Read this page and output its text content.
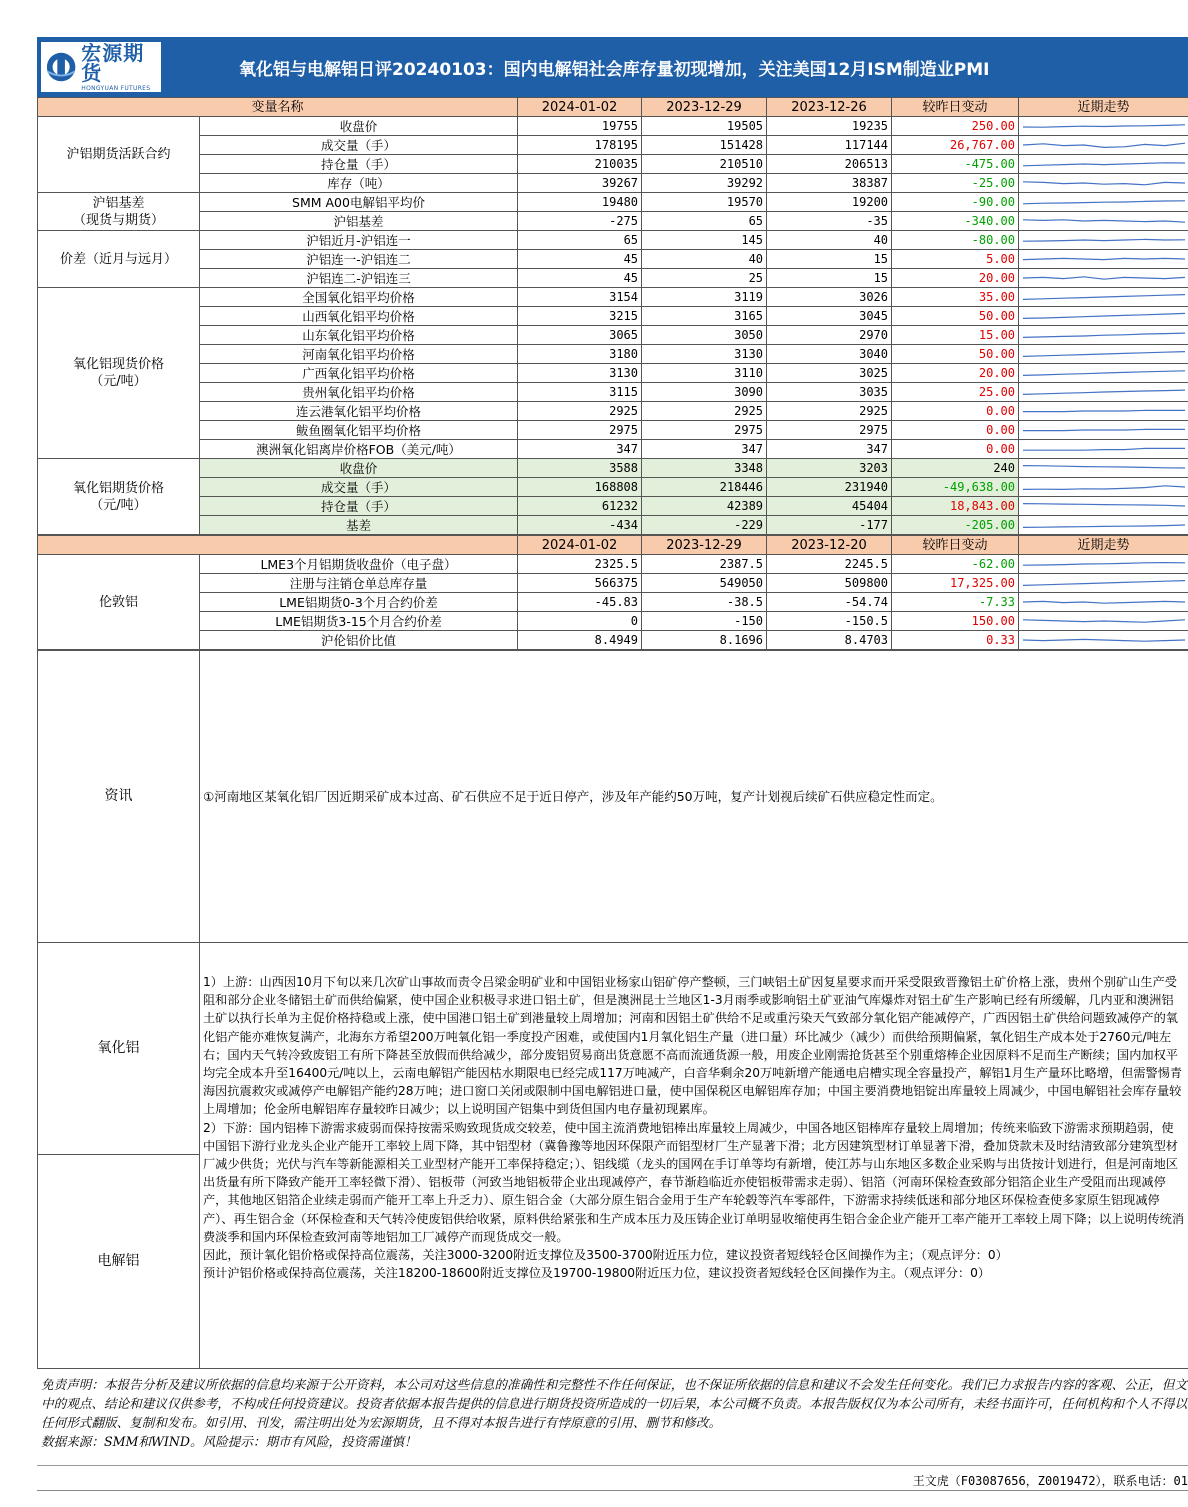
宏源期货
HONGYUAN FUTURES
氧化铝与电解铝日评20240103：国内电解铝社会库存量初现增加，关注美国12月ISM制造业PMI
变量名称		2024-01-02	2023-12-29	2023-12-26	较昨日变动	近期走势
沪铝期货活跃合约	收盘价	19755	19505	19235	250.00	

	成交量（手）	178195	151428	117144	26,767.00	

	持仓量（手）	210035	210510	206513	-475.00	

	库存（吨）	39267	39292	38387	-25.00	

沪铝基差
（现货与期货）	SMM A00电解铝平均价	19480	19570	19200	-90.00	

	沪铝基差	-275	65	-35	-340.00	

价差（近月与远月）	沪铝近月-沪铝连一	65	145	40	-80.00	

	沪铝连一-沪铝连二	45	40	15	5.00	

	沪铝连二-沪铝连三	45	25	15	20.00	

氧化铝现货价格
（元/吨）	全国氧化铝平均价格	3154	3119	3026	35.00	

	山西氧化铝平均价格	3215	3165	3045	50.00	

	山东氧化铝平均价格	3065	3050	2970	15.00	

	河南氧化铝平均价格	3180	3130	3040	50.00	

	广西氧化铝平均价格	3130	3110	3025	20.00	

	贵州氧化铝平均价格	3115	3090	3035	25.00	

	连云港氧化铝平均价格	2925	2925	2925	0.00	

	鲅鱼圈氧化铝平均价格	2975	2975	2975	0.00	

	澳洲氧化铝离岸价格FOB（美元/吨）	347	347	347	0.00	

氧化铝期货价格
（元/吨）	收盘价	3588	3348	3203	240	

	成交量（手）	168808	218446	231940	-49,638.00	

	持仓量（手）	61232	42389	45404	18,843.00	

	基差	-434	-229	-177	-205.00	
		2024-01-02	2023-12-29	2023-12-20	较昨日变动	近期走势
伦敦铝	LME3个月铝期货收盘价（电子盘）	2325.5	2387.5	2245.5	-62.00	

	注册与注销仓单总库存量	566375	549050	509800	17,325.00	

	LME铝期货0-3个月合约价差	-45.83	-38.5	-54.74	-7.33	

	LME铝期货3-15个月合约价差	0	-150	-150.5	150.00	

	沪伦铝价比值	8.4949	8.1696	8.4703	0.33	
资讯	①河南地区某氧化铝厂因近期采矿成本过高、矿石供应不足于近日停产，涉及年产能约50万吨，复产计划视后续矿石供应稳定性而定。

氧化铝	1）上游：山西因10月下旬以来几次矿山事故而责令吕梁金明矿业和中国铝业杨家山铝矿停产整顿，三门峡铝土矿因复星要求而开采受限致晋豫铝土矿价格上涨，贵州个别矿山生产受阻和部分企业冬储铝土矿而供给偏紧，使中国企业积极寻求进口铝土矿，但是澳洲昆士兰地区1-3月雨季或影响铝土矿亚油气库爆炸对铝土矿生产影响已经有所缓解，几内亚和澳洲铝土矿以执行长单为主促价格持稳或上涨，使中国港口铝土矿到港量较上周增加；河南和因铝土矿供给不足或重污染天气致部分氧化铝产能减停产，广西因铝土矿供给问题致减停产的氧化铝产能亦难恢复满产，北海东方希望200万吨氧化铝一季度投产困难，或使国内1月氧化铝生产量（进口量）环比减少（减少）而供给预期偏紧，氧化铝生产成本处于2760元/吨左右；国内天气转冷致废铝工有所下降甚至放假而供给减少，部分废铝贸易商出货意愿不高而流通货源一般，用废企业刚需抢货甚至个别重熔棒企业因原料不足而生产断续；国内加权平均完全成本升至16400元/吨以上，云南电解铝产能因枯水期限电已经完成117万吨减产，白音华剩余20万吨新增产能通电启槽实现全容量投产，解铝1月生产量环比略增，但需警惕青海因抗震救灾或减停产电解铝产能约28万吨；进口窗口关闭或限制中国电解铝进口量，使中国保税区电解铝库存加；中国主要消费地铝锭出库量较上周减少，中国电解铝社会库存量较上周增加；伦金所电解铝库存量较昨日减少；以上说明国产铝集中到货但国内电存量初现累库。
2）下游：国内铝棒下游需求疲弱而保持按需采购致现货成交较差，使中国主流消费地铝棒出库量较上周减少，中国各地区铝棒库存量较上周增加；传统来临致下游需求预期趋弱，使中国铝下游行业龙头企业产能开工率较上周下降，其中铝型材（冀鲁豫等地因环保限产而铝型材厂生产显著下滑；北方因建筑型材订单显著下滑，叠加贷款未及时结清致部分建筑型材厂减少供货；光伏与汽车等新能源相关工业型材产能开工率保持稳定；）、铝线缆（龙头的国网在手订单等均有新增，使江苏与山东地区多数企业采购与出货按计划进行，但是河南地区出货量有所下降致产能开工率轻微下滑）、铝板带（河致当地铝板带企业出现减停产，春节渐趋临近亦使铝板带需求走弱）、铝箔（河南环保检查致部分铝箔企业生产受阻而出现减停产，其他地区铝箔企业续走弱而产能开工率上升乏力）、原生铝合金（大部分原生铝合金用于生产车轮毂等汽车零部件，下游需求持续低迷和部分地区环保检查使多家原生铝现减停产）、再生铝合金（环保检查和天气转冷使废铝供给收紧，原料供给紧张和生产成本压力及压铸企业订单明显收缩使再生铝合金企业产能开工率产能开工率较上周下降；以上说明传统消费淡季和国内环保检查致河南等地铝加工厂减停产而现货成交一般。
因此，预计氧化铝价格或保持高位震荡，关注3000-3200附近支撑位及3500-3700附近压力位，建议投资者短线轻仓区间操作为主；（观点评分：0）
预计沪铝价格或保持高位震荡，关注18200-18600附近支撑位及19700-19800附近压力位，建议投资者短线轻仓区间操作为主。（观点评分：0）

电解铝	
免责声明：本报告分析及建议所依据的信息均来源于公开资料，本公司对这些信息的准确性和完整性不作任何保证，也不保证所依据的信息和建议不会发生任何变化。我们已力求报告内容的客观、公正，但文中的观点、结论和建议仅供参考，不构成任何投资建议。投资者依据本报告提供的信息进行期货投资所造成的一切后果，本公司概不负责。本报告版权仅为本公司所有，未经书面许可，任何机构和个人不得以任何形式翻版、复制和发布。如引用、刊发，需注明出处为宏源期货，且不得对本报告进行有悖原意的引用、删节和修改。
数据来源：SMM和WIND。风险提示：期市有风险，投资需谨慎！
王文虎（F03087656，Z0019472），联系电话：01
